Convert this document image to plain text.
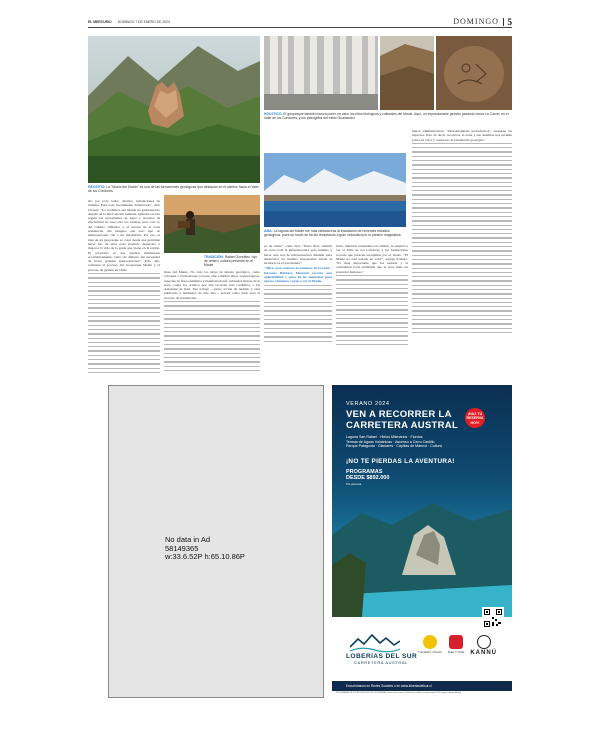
EL MERCURIO DOMINGO 7 DE ENERO DE 2024	DOMINGO 5
GEOSITIO. La "Muela del Diablo" es una de las formaciones geológicas que destacan en el camino hacia el Valle de los Cóndores.
HOLSTICO. El geoparque también busca poner en valor los hitos biológicos y culturales del Maule. Aquí, un impresionante geosito pasando cerca La Cárcel, en el Valle de los Cóndores, y los petroglifos del estilo Guanacolvi.
TRADICIÓN. Rafael González, hijo de arriero, cultura presente en el Maule.
AMA. La laguna del Maule fue más visitada tras la instalación de recientes estudios geológicos, pues su fondo se ha ido levantando a gran velocidad por la presión magmática.

mo por todo lados, desvíos, instalaciones de turismo. Está todo fuertemente deteriorado", dice Chavéz. "La cordillera del Maule ha permanecido alejada de la intervención humana. Quieren en esta región las necesidades de agua y recursos de efectividad en base sólo los turistas, pero con vo del cambio climático y el avance de la zona residencial, me imagino que esto tipo de intervenciones van a ser inevitables. Por eso, la idea de un geoparque es crear desde que permitan hacer uso de ellos para producir desarrollo y mejorar la vida de la gente que viene en la región. El propósito es que pueden mantenerse económicamente, verlo sin dañarlo, sin necesidad de hacer grandes intervenciones". Este año, comenzó el proceso del Geoparque Maule y el proceso de gestión en Chile.

línea del Maule. No sólo los sitios de interés geológico, como volcanes o formaciones rocosas, sino también sitios arqueológicos, especies de flora endémica y manifestaciones culturales típicas de la zona, como los arrieros que aún recorren esta cordillera, o las artesanías de Rari. Ese trabajo —junto acción de turismo y será publicado a mediados de este año— servirá como base para el proceso de postulación.

po de chiste", como dice. "Entre ellos, además de crear toda la infraestructura para turismo y hacer una red de infraestructura mínima para desarrollar un turismo responsable donde el territorio es el que manda".

"Mira, este cenicero lo tenemos de la zona", luzcanos Bárbara Mezarón recorre esta aplicabilidad y para de las montañas para que los visitantes vayan a ver el Maule.

Justo, mientras avanzamos en cumbre, se empezó a ver el Valle de los Cóndores y las formaciones rocosas que parecen esculpidas por el viento. "El Maule no está pasado su valor", agrega Ernesto. "Es muy importante que los turistas y la comunidad local entiendan que la zona tiene un potencial inmenso."

llenos administrativas. "Deseablemente geoturísticos", aseguran los expertos. Esto de decir, reconocer la zona y sus sistemas nos permite poner en valor y conservar su patrimonio geológico.

No data in Ad
58149365
w:33.6.52P h:65.10.86P
VERANO 2024
VEN A RECORRER LA
CARRETERA AUSTRAL
Laguna San Rafael · Hielos Milenarios · Fiordos
Termas de Aguas Volcánicas · Ascenso a Cerro Castillo
Parque Patagonia · Glaciares · Capillas de Mármol · Cultura
¡NO TE PIERDAS LA AVENTURA!
PROGRAMAS
DESDE $892.000
Por persona
¡HAZ TU RESERVA HOY!
LOBERIAS DEL SUR
CARRETERA AUSTRAL
Travellers' Choice Ruta 7 Chile KANNÚ
Encuéntranos en Redes Sociales o en www.loberiasdelsur.cl
PROGRAMAS INCLUYEN DESTINO DEL PROGRAMA. Tarifas por persona. Válido para salidas en temporada 2024. Sujeto a disponibilidad.
